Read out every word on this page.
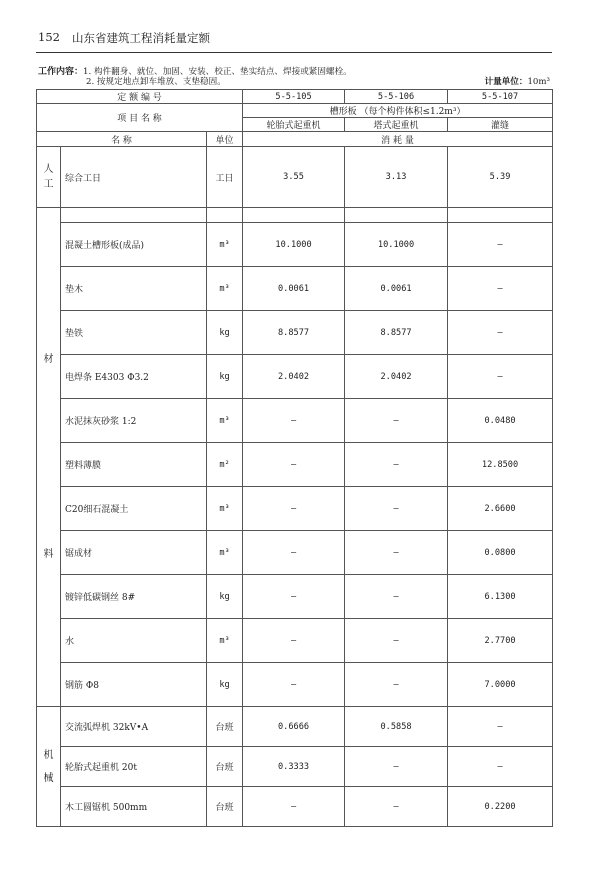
152 山东省建筑工程消耗量定额
工作内容：1. 构件翻身、就位、加固、安装、校正、垫实结点、焊接或紧固螺栓。
2. 按规定地点卸车堆放、支垫稳固。	计量单位：10m³
定 额 编 号			5-5-105	5-5-106	5-5-107
项 目 名 称			槽形板 （每个构件体积≤1.2m³）		
			轮胎式起重机	塔式起重机	灌缝
名 称		单位	消 耗 量		

人
工	综合工日	工日	3.55	3.13	5.39

材
料					

	混凝土槽形板(成品)	m³	10.1000	10.1000	—
	垫木	m³	0.0061	0.0061	—
	垫铁	kg	8.8577	8.8577	—
	电焊条 E4303 Φ3.2	kg	2.0402	2.0402	—
	水泥抹灰砂浆 1:2	m³	—	—	0.0480
	塑料薄膜	m²	—	—	12.8500
	C20细石混凝土	m³	—	—	2.6600
	锯成材	m³	—	—	0.0800
	镀锌低碳钢丝 8#	kg	—	—	6.1300
	水	m³	—	—	2.7700
	钢筋 Φ8	kg	—	—	7.0000

机
械	交流弧焊机 32kV•A	台班	0.6666	0.5858	—
	轮胎式起重机 20t	台班	0.3333	—	—
	木工圆锯机 500mm	台班	—	—	0.2200
